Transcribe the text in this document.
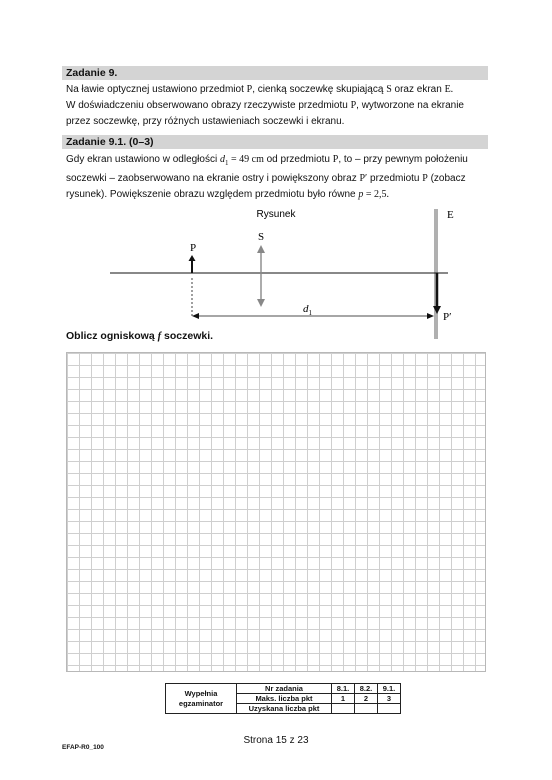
Zadanie 9.
Na ławie optycznej ustawiono przedmiot P, cienką soczewkę skupiającą S oraz ekran E.
W doświadczeniu obserwowano obrazy rzeczywiste przedmiotu P, wytworzone na ekranie
przez soczewkę, przy różnych ustawieniach soczewki i ekranu.
Zadanie 9.1. (0–3)
Gdy ekran ustawiono w odległości $d_1 = 49$ cm od przedmiotu P, to – przy pewnym położeniu
soczewki – zaobserwowano na ekranie ostry i powiększony obraz P′ przedmiotu P (zobacz
rysunek). Powiększenie obrazu względem przedmiotu było równe p = 2,5.
Rysunek	E
P
S
P′
$d_1$
Oblicz ogniskową f soczewki.
Wypełnia
egzaminator	Nr zadania	8.1.	8.2.	9.1.
	Maks. liczba pkt	1	2	3
	Uzyskana liczba pkt			
Strona 15 z 23
EFAP-R0_100
